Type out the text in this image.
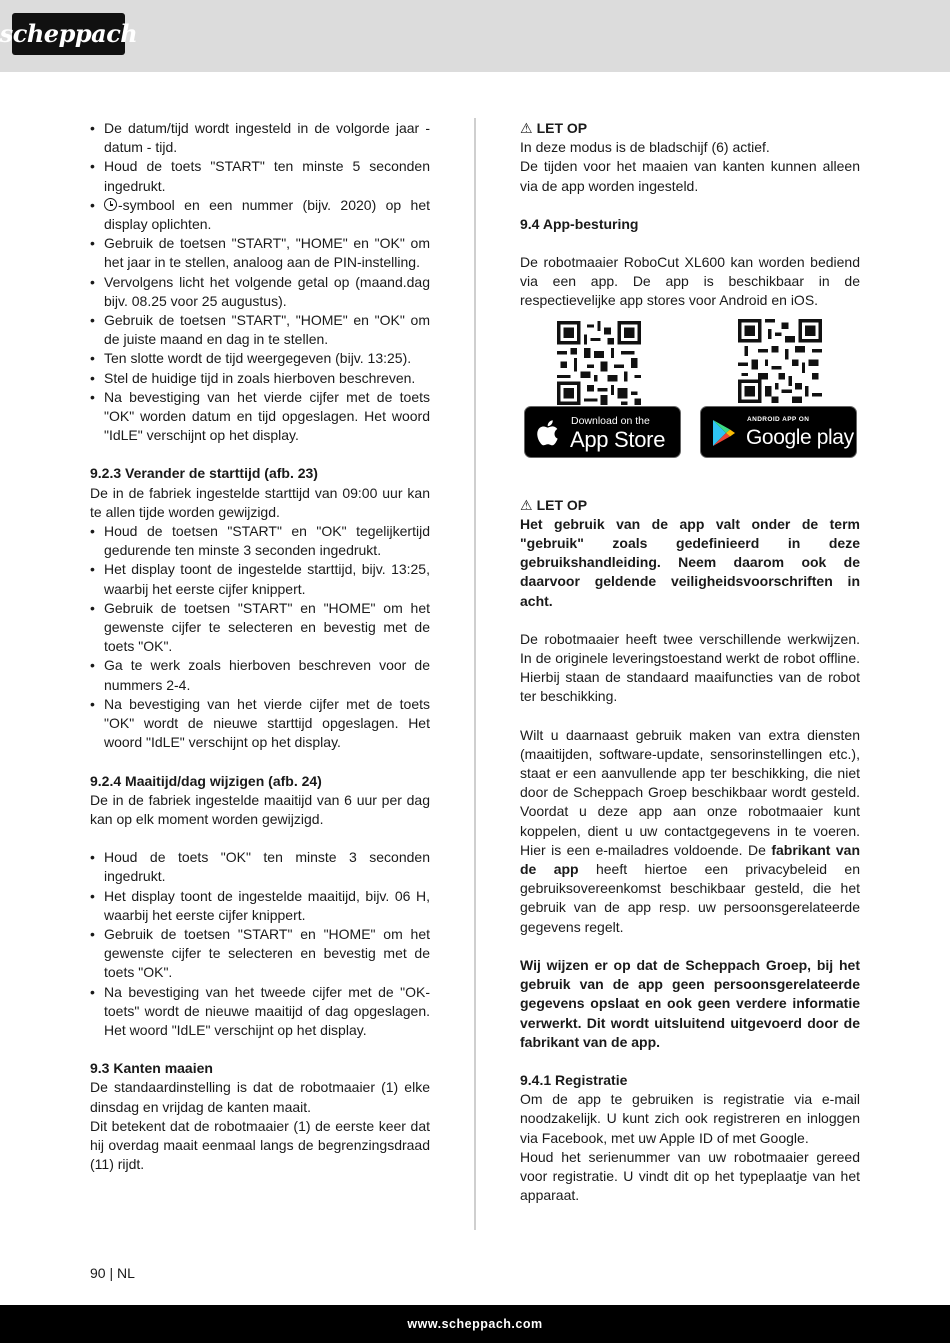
scheppach
• De datum/tijd wordt ingesteld in de volgorde jaar - datum - tijd.
• Houd de toets "START" ten minste 5 seconden ingedrukt.
• -symbool en een nummer (bijv. 2020) op het display oplichten.
• Gebruik de toetsen "START", "HOME" en "OK" om het jaar in te stellen, analoog aan de PIN-instelling.
• Vervolgens licht het volgende getal op (maand.dag bijv. 08.25 voor 25 augustus).
• Gebruik de toetsen "START", "HOME" en "OK" om de juiste maand en dag in te stellen.
• Ten slotte wordt de tijd weergegeven (bijv. 13:25).
• Stel de huidige tijd in zoals hierboven beschreven.
• Na bevestiging van het vierde cijfer met de toets "OK" worden datum en tijd opgeslagen. Het woord "IdLE" verschijnt op het display.

9.2.3 Verander de starttijd (afb. 23)

De in de fabriek ingestelde starttijd van 09:00 uur kan te allen tijde worden gewijzigd.

• Houd de toetsen "START" en "OK" tegelijkertijd gedurende ten minste 3 seconden ingedrukt.
• Het display toont de ingestelde starttijd, bijv. 13:25, waarbij het eerste cijfer knippert.
• Gebruik de toetsen "START" en "HOME" om het gewenste cijfer te selecteren en bevestig met de toets "OK".
• Ga te werk zoals hierboven beschreven voor de nummers 2-4.
• Na bevestiging van het vierde cijfer met de toets "OK" wordt de nieuwe starttijd opgeslagen. Het woord "IdLE" verschijnt op het display.

9.2.4 Maaitijd/dag wijzigen (afb. 24)

De in de fabriek ingestelde maaitijd van 6 uur per dag kan op elk moment worden gewijzigd.

• Houd de toets "OK" ten minste 3 seconden ingedrukt.
• Het display toont de ingestelde maaitijd, bijv. 06 H, waarbij het eerste cijfer knippert.
• Gebruik de toetsen "START" en "HOME" om het gewenste cijfer te selecteren en bevestig met de toets "OK".
• Na bevestiging van het tweede cijfer met de "OK-toets" wordt de nieuwe maaitijd of dag opgeslagen. Het woord "IdLE" verschijnt op het display.

9.3 Kanten maaien

De standaardinstelling is dat de robotmaaier (1) elke dinsdag en vrijdag de kanten maait.

Dit betekent dat de robotmaaier (1) de eerste keer dat hij overdag maait eenmaal langs de begrenzingsdraad (11) rijdt.

⚠ LET OP

In deze modus is de bladschijf (6) actief.

De tijden voor het maaien van kanten kunnen alleen via de app worden ingesteld.

9.4 App-besturing

De robotmaaier RoboCut XL600 kan worden bediend via een app. De app is beschikbaar in de respectievelijke app stores voor Android en iOS.

Download on the
App Store
ANDROID APP ON
Google play

⚠ LET OP

Het gebruik van de app valt onder de term "gebruik" zoals gedefinieerd in deze gebruikshandleiding. Neem daarom ook de daarvoor geldende veiligheidsvoorschriften in acht.

De robotmaaier heeft twee verschillende werkwijzen. In de originele leveringstoestand werkt de robot offline. Hierbij staan de standaard maaifuncties van de robot ter beschikking.

Wilt u daarnaast gebruik maken van extra diensten (maaitijden, software-update, sensorinstellingen etc.), staat er een aanvullende app ter beschikking, die niet door de Scheppach Groep beschikbaar wordt gesteld. Voordat u deze app aan onze robotmaaier kunt koppelen, dient u uw contactgegevens in te voeren. Hier is een e-mailadres voldoende. De fabrikant van de app heeft hiertoe een privacybeleid en gebruiksovereenkomst beschikbaar gesteld, die het gebruik van de app resp. uw persoonsgerelateerde gegevens regelt.

Wij wijzen er op dat de Scheppach Groep, bij het gebruik van de app geen persoonsgerelateerde gegevens opslaat en ook geen verdere informatie verwerkt. Dit wordt uitsluitend uitgevoerd door de fabrikant van de app.

9.4.1 Registratie

Om de app te gebruiken is registratie via e-mail noodzakelijk. U kunt zich ook registreren en inloggen via Facebook, met uw Apple ID of met Google.

Houd het serienummer van uw robotmaaier gereed voor registratie. U vindt dit op het typeplaatje van het apparaat.

90 | NL
www.scheppach.com
